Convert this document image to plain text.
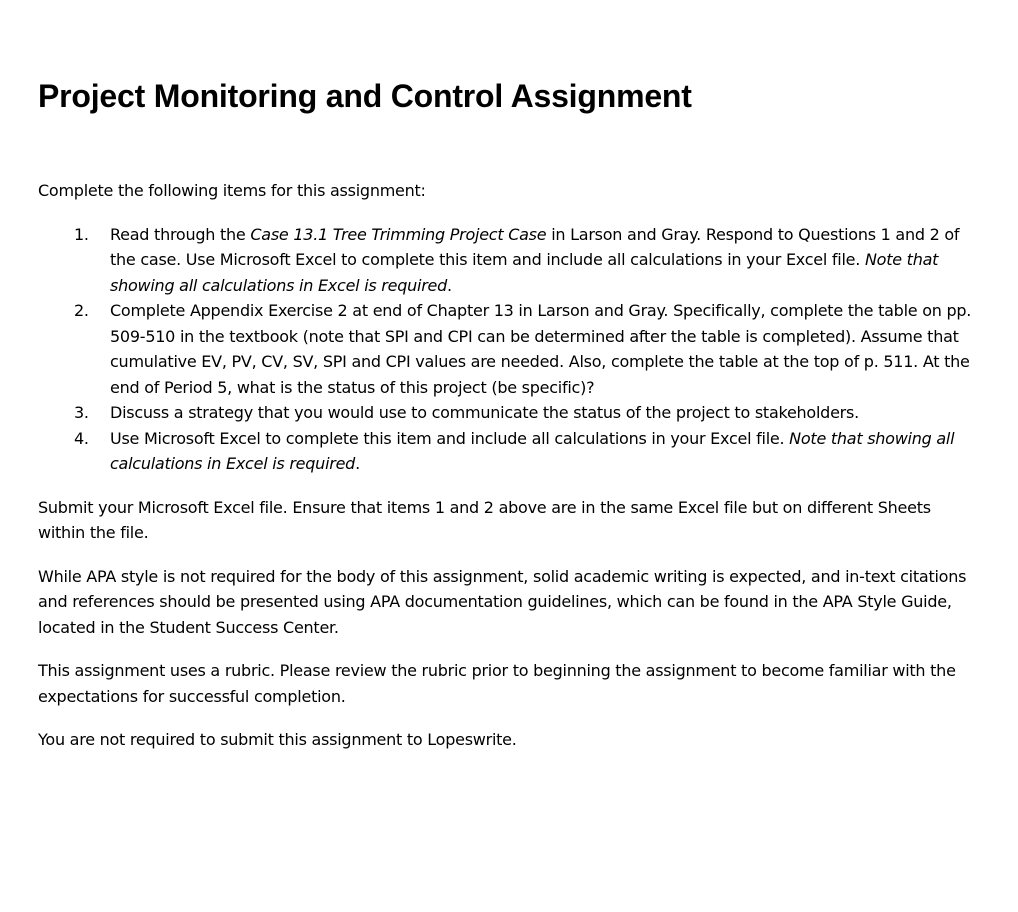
Project Monitoring and Control Assignment

Complete the following items for this assignment:

1. Read through the Case 13.1 Tree Trimming Project Case in Larson and Gray. Respond to Questions 1 and 2 of the case. Use Microsoft Excel to complete this item and include all calculations in your Excel file. Note that showing all calculations in Excel is required.
2. Complete Appendix Exercise 2 at end of Chapter 13 in Larson and Gray. Specifically, complete the table on pp. 509-510 in the textbook (note that SPI and CPI can be determined after the table is completed). Assume that cumulative EV, PV, CV, SV, SPI and CPI values are needed. Also, complete the table at the top of p. 511. At the end of Period 5, what is the status of this project (be specific)?
3. Discuss a strategy that you would use to communicate the status of the project to stakeholders.
4. Use Microsoft Excel to complete this item and include all calculations in your Excel file. Note that showing all calculations in Excel is required.

Submit your Microsoft Excel file. Ensure that items 1 and 2 above are in the same Excel file but on different Sheets within the file.

While APA style is not required for the body of this assignment, solid academic writing is expected, and in-text citations and references should be presented using APA documentation guidelines, which can be found in the APA Style Guide, located in the Student Success Center.

This assignment uses a rubric. Please review the rubric prior to beginning the assignment to become familiar with the expectations for successful completion.

You are not required to submit this assignment to Lopeswrite.
